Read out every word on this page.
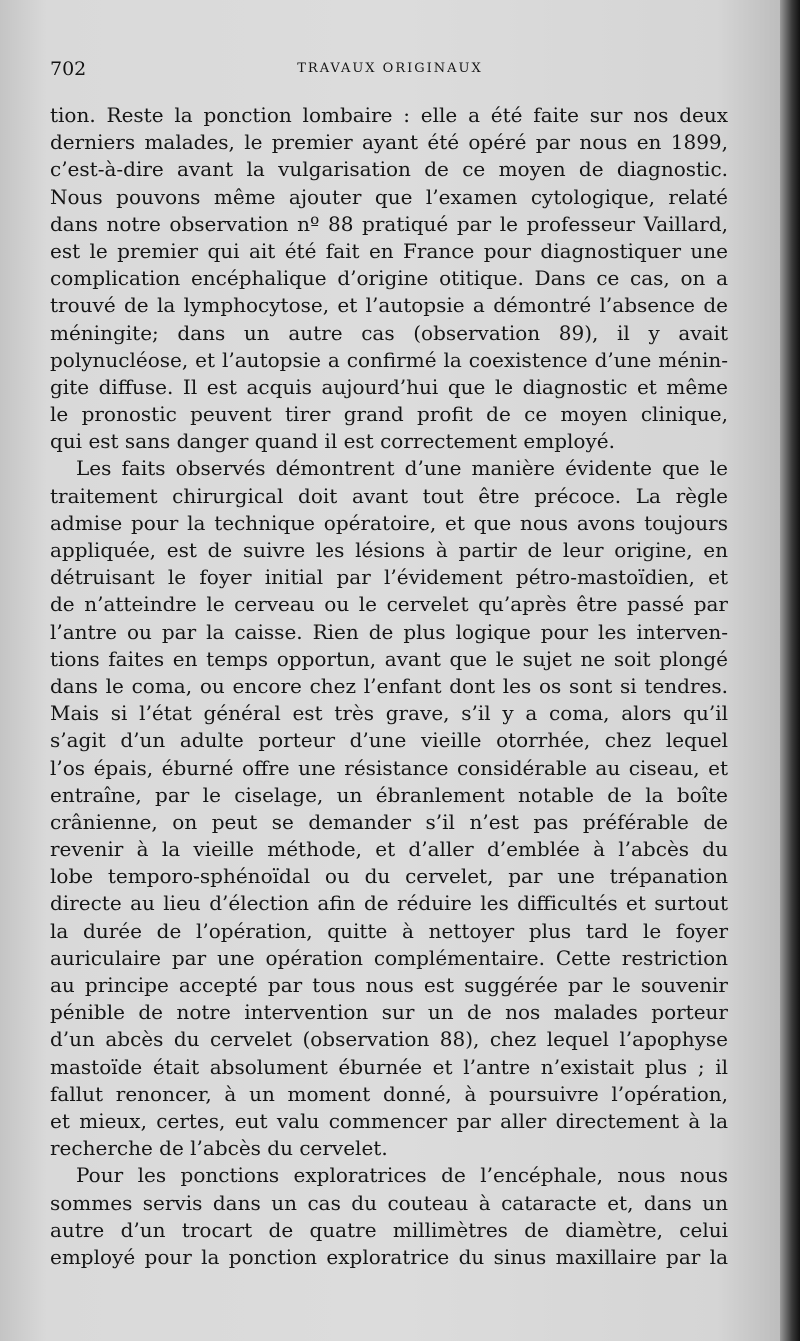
702	TRAVAUX ORIGINAUX
tion. Reste la ponction lombaire : elle a été faite sur nos deux
derniers malades, le premier ayant été opéré par nous en 1899,
c’est-à-dire avant la vulgarisation de ce moyen de diagnostic.
Nous pouvons même ajouter que l’examen cytologique, relaté
dans notre observation nº 88 pratiqué par le professeur Vaillard,
est le premier qui ait été fait en France pour diagnostiquer une
complication encéphalique d’origine otitique. Dans ce cas, on a
trouvé de la lymphocytose, et l’autopsie a démontré l’absence de
méningite; dans un autre cas (observation 89), il y avait
polynucléose, et l’autopsie a confirmé la coexistence d’une ménin-
gite diffuse. Il est acquis aujourd’hui que le diagnostic et même
le pronostic peuvent tirer grand profit de ce moyen clinique,
qui est sans danger quand il est correctement employé.
Les faits observés démontrent d’une manière évidente que le
traitement chirurgical doit avant tout être précoce. La règle
admise pour la technique opératoire, et que nous avons toujours
appliquée, est de suivre les lésions à partir de leur origine, en
détruisant le foyer initial par l’évidement pétro-mastoïdien, et
de n’atteindre le cerveau ou le cervelet qu’après être passé par
l’antre ou par la caisse. Rien de plus logique pour les interven-
tions faites en temps opportun, avant que le sujet ne soit plongé
dans le coma, ou encore chez l’enfant dont les os sont si tendres.
Mais si l’état général est très grave, s’il y a coma, alors qu’il
s’agit d’un adulte porteur d’une vieille otorrhée, chez lequel
l’os épais, éburné offre une résistance considérable au ciseau, et
entraîne, par le ciselage, un ébranlement notable de la boîte
crânienne, on peut se demander s’il n’est pas préférable de
revenir à la vieille méthode, et d’aller d’emblée à l’abcès du
lobe temporo-sphénoïdal ou du cervelet, par une trépanation
directe au lieu d’élection afin de réduire les difficultés et surtout
la durée de l’opération, quitte à nettoyer plus tard le foyer
auriculaire par une opération complémentaire. Cette restriction
au principe accepté par tous nous est suggérée par le souvenir
pénible de notre intervention sur un de nos malades porteur
d’un abcès du cervelet (observation 88), chez lequel l’apophyse
mastoïde était absolument éburnée et l’antre n’existait plus ; il
fallut renoncer, à un moment donné, à poursuivre l’opération,
et mieux, certes, eut valu commencer par aller directement à la
recherche de l’abcès du cervelet.
Pour les ponctions exploratrices de l’encéphale, nous nous
sommes servis dans un cas du couteau à cataracte et, dans un
autre d’un trocart de quatre millimètres de diamètre, celui
employé pour la ponction exploratrice du sinus maxillaire par la
